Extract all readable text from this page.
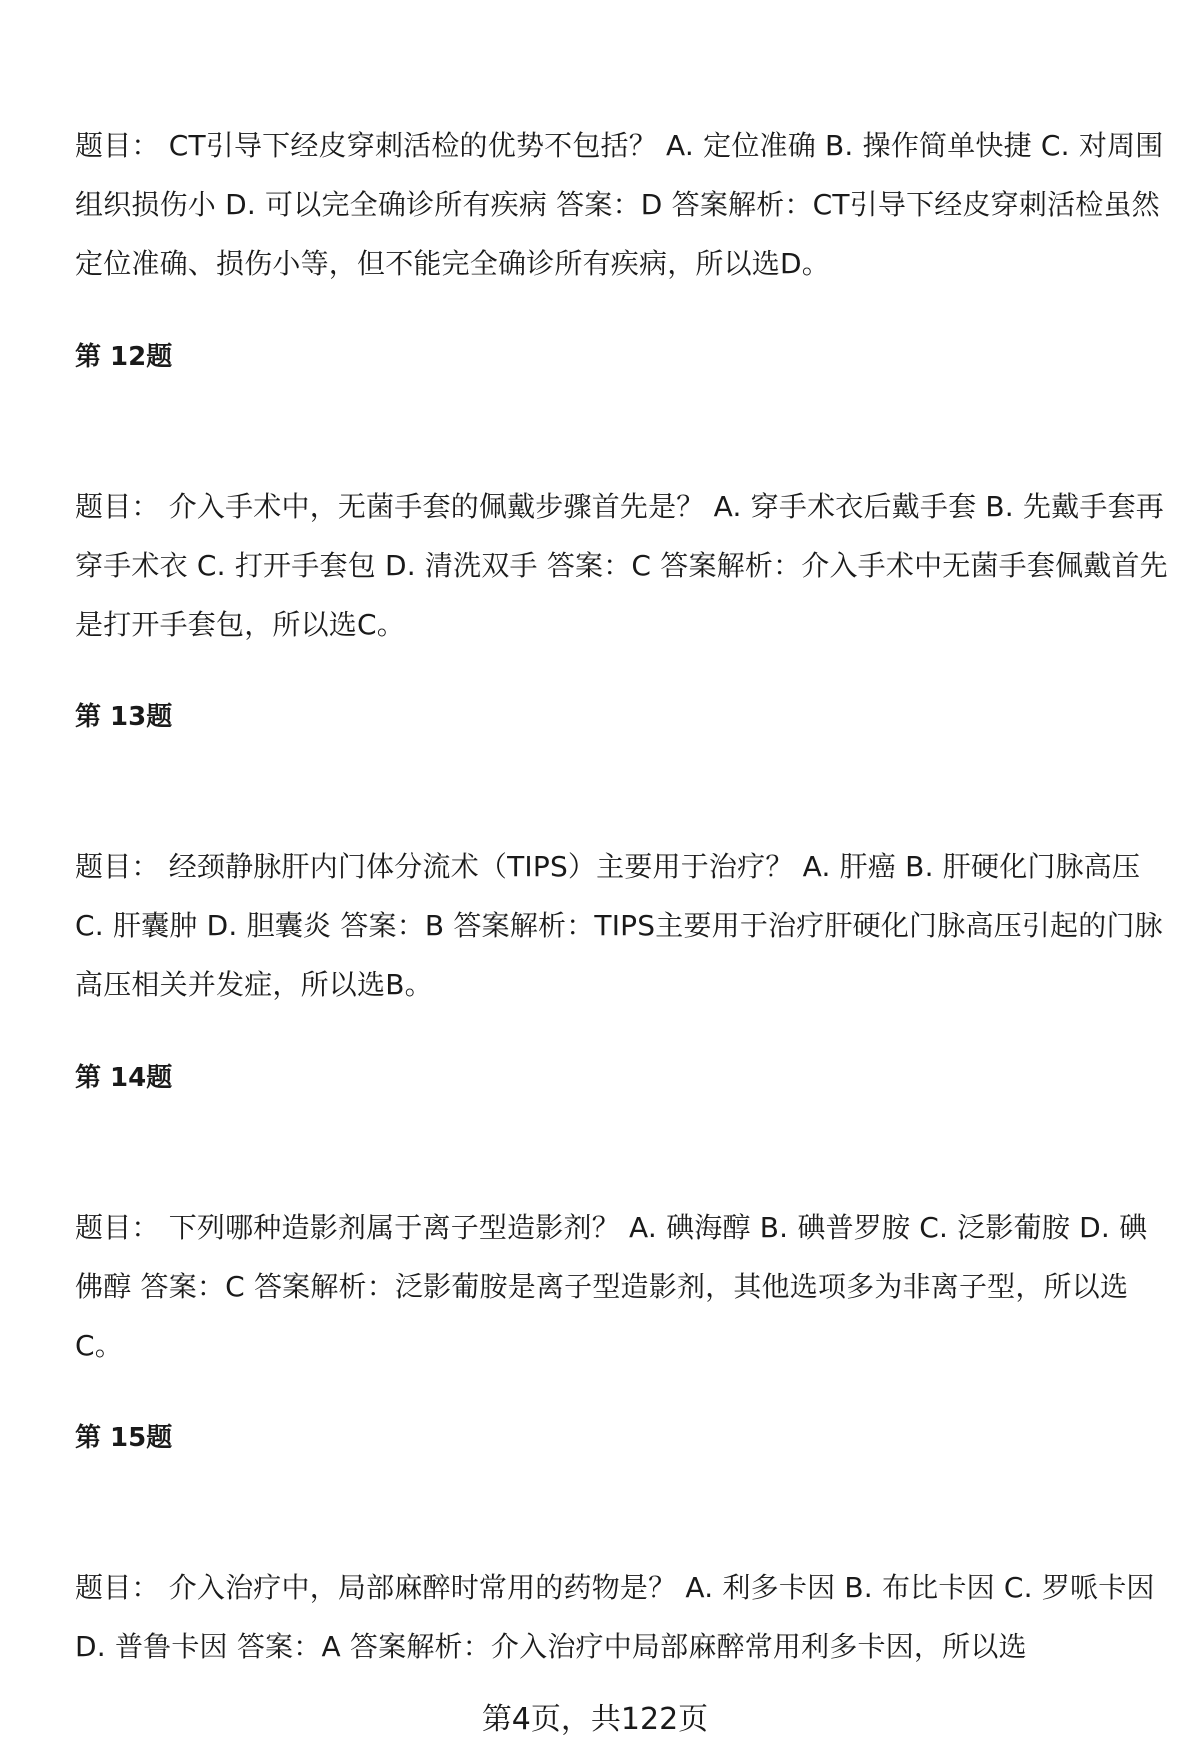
题目： CT引导下经皮穿刺活检的优势不包括？ A. 定位准确 B. 操作简单快捷 C. 对周围组织损伤小 D. 可以完全确诊所有疾病 答案：D 答案解析：CT引导下经皮穿刺活检虽然定位准确、损伤小等，但不能完全确诊所有疾病，所以选D。

第 12题

题目： 介入手术中，无菌手套的佩戴步骤首先是？ A. 穿手术衣后戴手套 B. 先戴手套再穿手术衣 C. 打开手套包 D. 清洗双手 答案：C 答案解析：介入手术中无菌手套佩戴首先是打开手套包，所以选C。

第 13题

题目： 经颈静脉肝内门体分流术（TIPS）主要用于治疗？ A. 肝癌 B. 肝硬化门脉高压 C. 肝囊肿 D. 胆囊炎 答案：B 答案解析：TIPS主要用于治疗肝硬化门脉高压引起的门脉高压相关并发症，所以选B。

第 14题

题目： 下列哪种造影剂属于离子型造影剂？ A. 碘海醇 B. 碘普罗胺 C. 泛影葡胺 D. 碘佛醇 答案：C 答案解析：泛影葡胺是离子型造影剂，其他选项多为非离子型，所以选C。

第 15题

题目： 介入治疗中，局部麻醉时常用的药物是？ A. 利多卡因 B. 布比卡因 C. 罗哌卡因 D. 普鲁卡因 答案：A 答案解析：介入治疗中局部麻醉常用利多卡因，所以选

第4页，共122页
